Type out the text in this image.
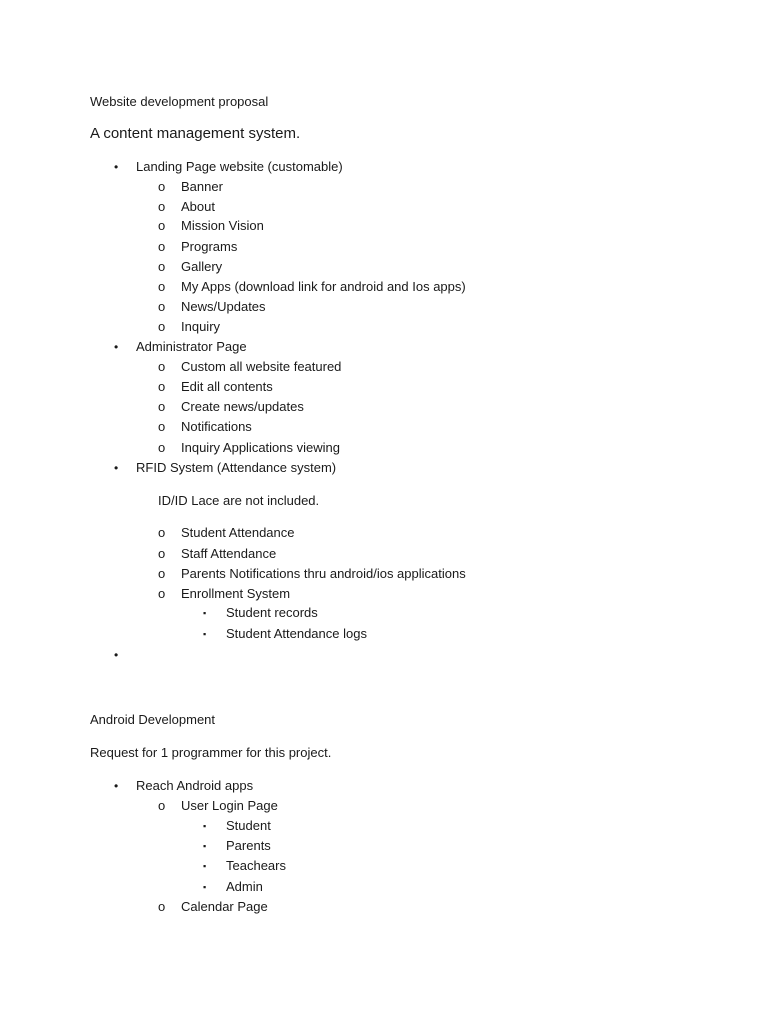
Website development proposal
A content management system.
• Landing Page website (customable)
o Banner
o About
o Mission Vision
o Programs
o Gallery
o My Apps (download link for android and Ios apps)
o News/Updates
o Inquiry
• Administrator Page
o Custom all website featured
o Edit all contents
o Create news/updates
o Notifications
o Inquiry Applications viewing
• RFID System (Attendance system)
ID/ID Lace are not included.
o Student Attendance
o Staff Attendance
o Parents Notifications thru android/ios applications
o Enrollment System
▪ Student records
▪ Student Attendance logs
•
Android Development
Request for 1 programmer for this project.
• Reach Android apps
o User Login Page
▪ Student
▪ Parents
▪ Teachears
▪ Admin
o Calendar Page
